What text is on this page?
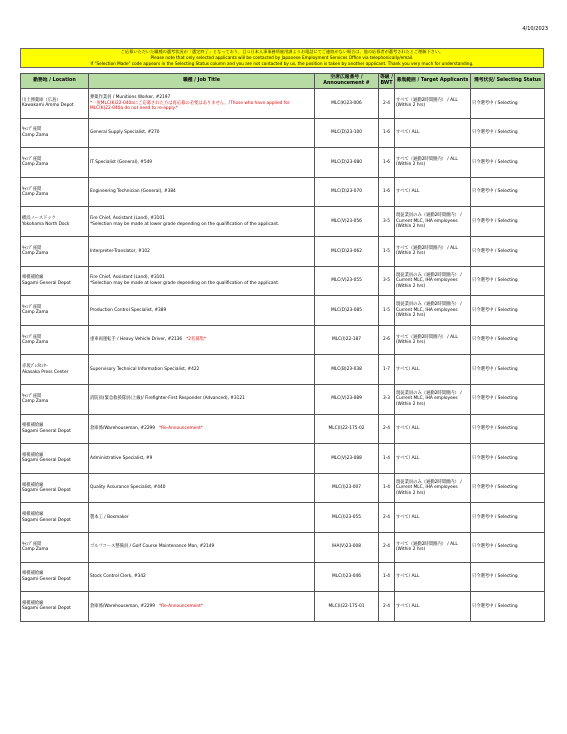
4/10/2023
ご応募いただいた職種の選考状況が「選定終了」となっており、且つ日本人事事務所雇用課よりお電話にてご連絡がない場合は、他の応募者が選考されたとご理解下さい。
Please note that only selected applicants will be contacted by Japanese Employment Services Office via telephonically/email.
If "Selection Made" code appears in the Selecting Status column and you are not contacted by us, the position is taken by another applicant. Thank you very much for understanding.
勤務地 / Location	職種 / Job Title	空席広報番号 / Announcement #	等級 / BWT	募集範囲 / Target Applicants	選考状況/ Selecting Status
川上弾薬庫（広島）
Kawakami Ammo Depot	弾薬作業員 / Munitions Worker, #2197
*一度MLC(K)22-040aにご応募された方は再応募の必要はありません。/Those who have applied for MLC(K)22-040a do not need to re-apply.*	MLC(K)23-006	2-4	すべて（通勤2時間圏内） / ALL (Within 2 hrs)	只今選考中 / Selecting
ｷｬﾝﾌﾟ座間
Camp Zama	General Supply Specialist, #270	MLC(D)23-100	1-6	すべて/ ALL	只今選考中 / Selecting
ｷｬﾝﾌﾟ座間
Camp Zama	IT Specialist (General), #549	MLC(D)23-080	1-6	すべて（通勤2時間圏内） / ALL (Within 2 hrs)	只今選考中 / Selecting
ｷｬﾝﾌﾟ座間
Camp Zama	Engineering Technician (General), #384	MLC(D)23-070	1-6	すべて/ ALL	只今選考中 / Selecting
横浜ノースドック
Yokohama North Dock	Fire Chief, Assistant (Land), #3101
*Selection may be made at lower grade depending on the qualification of the applicant.	MLC(V)23-056	3-5	現従業員のみ（通勤2時間圏内） / Current MLC, IHA employees (Within 2 hrs)	只今選考中 / Selecting
ｷｬﾝﾌﾟ座間
Camp Zama	Interpreter-Translator, #102	MLC(D)23-062	1-5	すべて（通勤2時間圏内） / ALL (Within 2 hrs)	只今選考中 / Selecting
相模補給廠
Sagami General Depot	Fire Chief, Assistant (Land), #3101
*Selection may be made at lower grade depending on the qualification of the applicant.	MLC(V)23-055	3-5	現従業員のみ（通勤2時間圏内） / Current MLC, IHA employees (Within 2 hrs)	只今選考中 / Selecting
ｷｬﾝﾌﾟ座間
Camp Zama	Production Control Specialist, #389	MLC(D)23-085	1-5	現従業員のみ（通勤2時間圏内） / Current MLC, IHA employees (Within 2 hrs)	只今選考中 / Selecting
ｷｬﾝﾌﾟ座間
Camp Zama	重車両運転手 / Heavy Vehicle Driver, #2136 *2名募集*	MLC(I)22-187	2-6	すべて（通勤2時間圏内） / ALL (Within 2 hrs)	只今選考中 / Selecting
赤坂ﾌﾟﾚｽｾﾝﾀｰ
Akasaka Press Center	Supervisory Technical Information Specialist, #422	MLC(B)23-038	1-7	すべて/ ALL	只今選考中 / Selecting
ｷｬﾝﾌﾟ座間
Camp Zama	消防員(緊急救援隊員(上級)/ Firefighter-First Responder (Advanced), #3121	MLC(V)23-089	3-3	現従業員のみ（通勤2時間圏内） / Current MLC, IHA employees (Within 2 hrs)	只今選考中 / Selecting
相模補給廠
Sagami General Depot	倉庫係/Warehouseman, #2299 *Re-Announcement*	MLC(I)22-175-02	2-4	すべて/ ALL	只今選考中 / Selecting
相模補給廠
Sagami General Depot	Administrative Specialist, #9	MLC(V)23-088	1-4	すべて/ ALL	只今選考中 / Selecting
相模補給廠
Sagami General Depot	Quality Assurance Specialist, #440	MLC(I)23-007	1-4	現従業員のみ（通勤2時間圏内） / Current MLC, IHA employees (Within 2 hrs)	只今選考中 / Selecting
相模補給廠
Sagami General Depot	製本工 / Boxmaker	MLC(I)23-055	2-4	すべて/ ALL	只今選考中 / Selecting
ｷｬﾝﾌﾟ座間
Camp Zama	ゴルフコース整備員 / Golf Course Maintenance Man, #2149	IHA(V)23-008	2-4	すべて（通勤2時間圏内） / ALL (Within 2 hrs)	只今選考中 / Selecting
相模補給廠
Sagami General Depot	Stock Control Clerk, #342	MLC(I)23-046	1-4	すべて/ ALL	只今選考中 / Selecting
相模補給廠
Sagami General Depot	倉庫係/Warehouseman, #2299 *Re-Announcement*	MLC(I)22-175-01	2-4	すべて/ ALL	只今選考中 / Selecting
